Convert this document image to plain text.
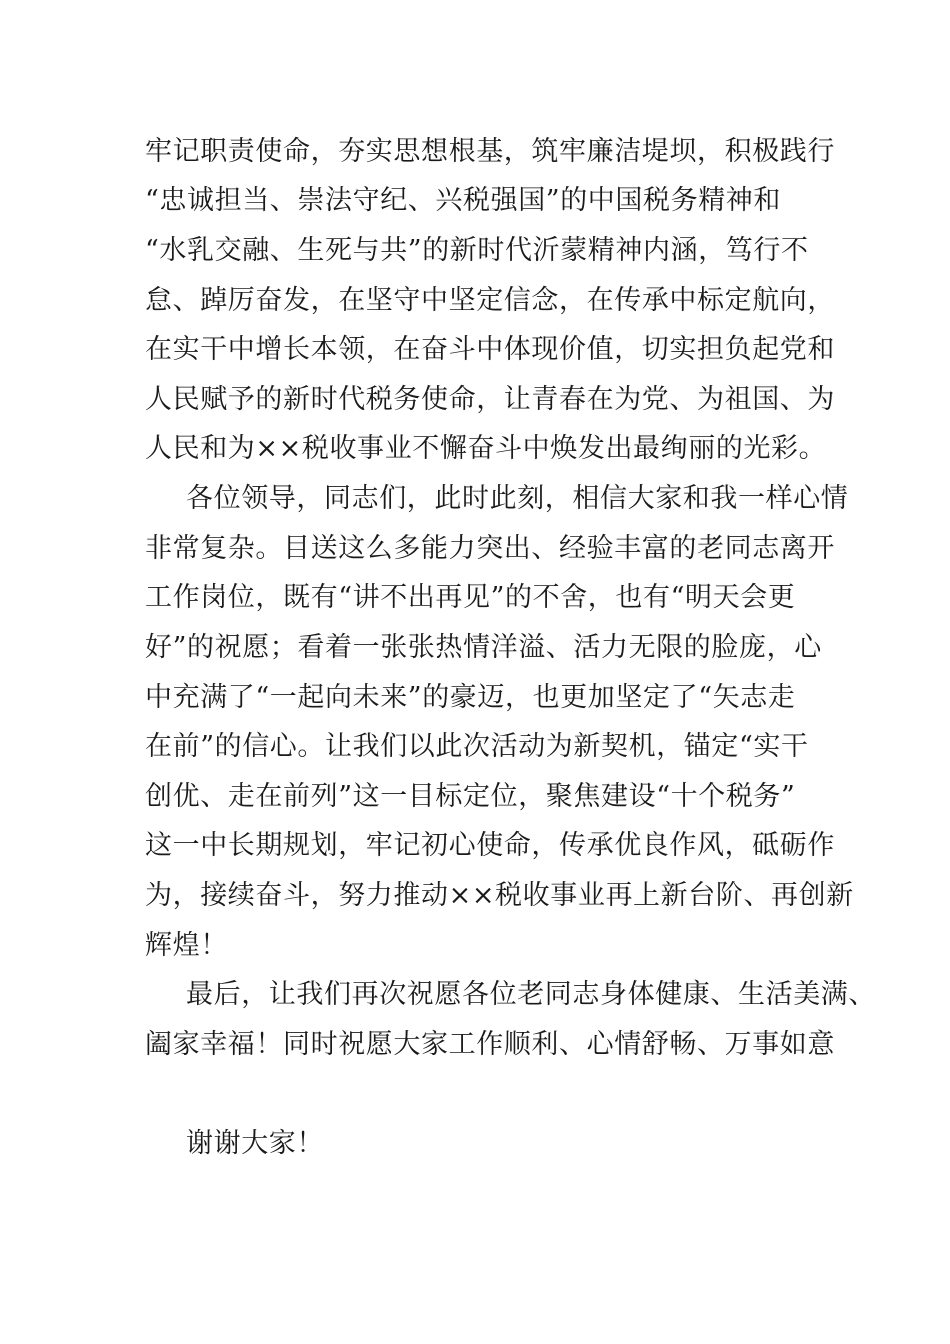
牢记职责使命，夯实思想根基，筑牢廉洁堤坝，积极践行
“忠诚担当、崇法守纪、兴税强国”的中国税务精神和
“水乳交融、生死与共”的新时代沂蒙精神内涵，笃行不
怠、踔厉奋发，在坚守中坚定信念，在传承中标定航向，
在实干中增长本领，在奋斗中体现价值，切实担负起党和
人民赋予的新时代税务使命，让青春在为党、为祖国、为
人民和为××税收事业不懈奋斗中焕发出最绚丽的光彩。
各位领导，同志们，此时此刻，相信大家和我一样心情
非常复杂。目送这么多能力突出、经验丰富的老同志离开
工作岗位，既有“讲不出再见”的不舍，也有“明天会更
好”的祝愿；看着一张张热情洋溢、活力无限的脸庞，心
中充满了“一起向未来”的豪迈，也更加坚定了“矢志走
在前”的信心。让我们以此次活动为新契机，锚定“实干
创优、走在前列”这一目标定位，聚焦建设“十个税务”
这一中长期规划，牢记初心使命，传承优良作风，砥砺作
为，接续奋斗，努力推动××税收事业再上新台阶、再创新
辉煌！
最后，让我们再次祝愿各位老同志身体健康、生活美满、
阖家幸福！同时祝愿大家工作顺利、心情舒畅、万事如意
谢谢大家！
